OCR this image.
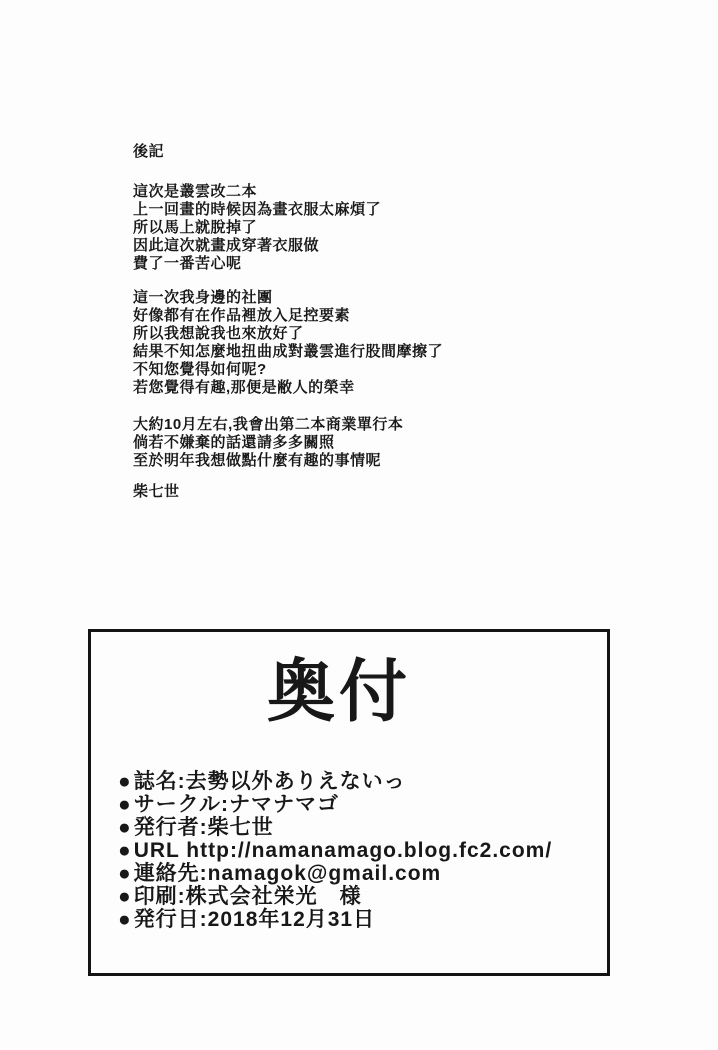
後記
這次是叢雲改二本
上一回畫的時候因為畫衣服太麻煩了
所以馬上就脫掉了
因此這次就畫成穿著衣服做
費了一番苦心呢
這一次我身邊的社團
好像都有在作品裡放入足控要素
所以我想說我也來放好了
結果不知怎麼地扭曲成對叢雲進行股間摩擦了
不知您覺得如何呢?
若您覺得有趣,那便是敝人的榮幸
大約10月左右,我會出第二本商業單行本
倘若不嫌棄的話還請多多關照
至於明年我想做點什麼有趣的事情呢
柴七世
奥付
●誌名:去勢以外ありえないっ
●サークル:ナマナマゴ
●発行者:柴七世
●URL http://namanamago.blog.fc2.com/
●連絡先:namagok@gmail.com
●印刷:株式会社栄光　様
●発行日:2018年12月31日
